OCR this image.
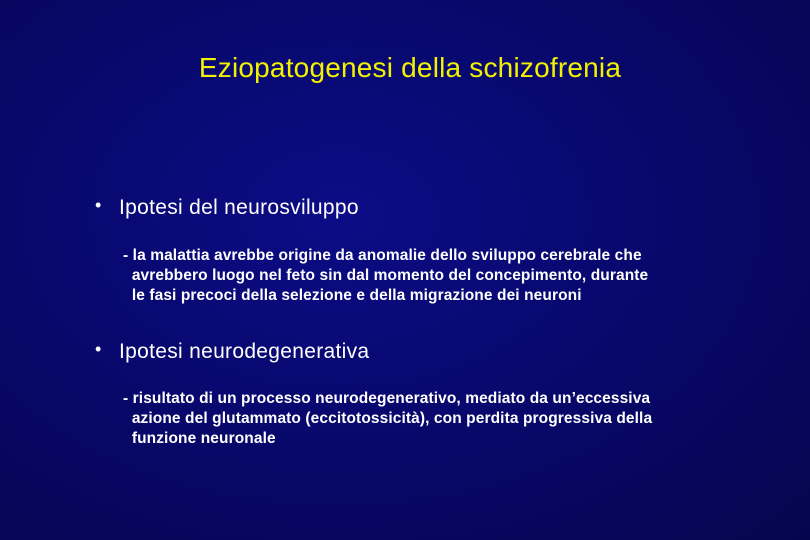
Eziopatogenesi della schizofrenia
• Ipotesi del neurosviluppo
- la malattia avrebbe origine da anomalie dello sviluppo cerebrale che
avrebbero luogo nel feto sin dal momento del concepimento, durante
le fasi precoci della selezione e della migrazione dei neuroni
• Ipotesi neurodegenerativa
- risultato di un processo neurodegenerativo, mediato da un’eccessiva
azione del glutammato (eccitotossicità), con perdita progressiva della
funzione neuronale
